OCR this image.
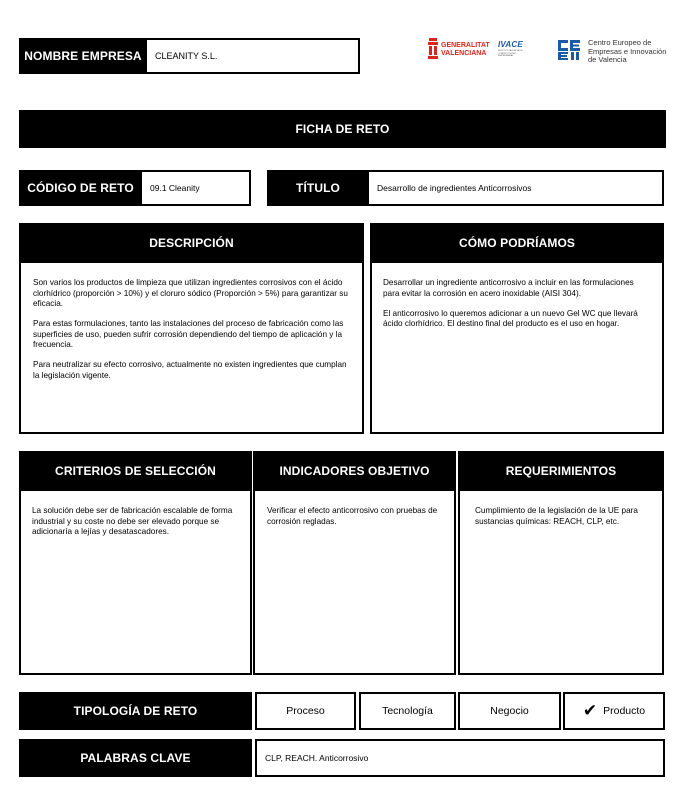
NOMBRE EMPRESA	CLEANITY S.L.
GENERALITAT
VALENCIANA
IVACE
INSTITUT VALENCIÀ DE COMPETITIVITAT EMPRESARIAL
Centro Europeo de
Empresas e Innovación
de Valencia
FICHA DE RETO
CÓDIGO DE RETO	09.1 Cleanity	TÍTULO	Desarrollo de ingredientes Anticorrosivos
DESCRIPCIÓN

Son varios los productos de limpieza que utilizan ingredientes corrosivos con el ácido clorhídrico (proporción > 10%) y el cloruro sódico (Proporción > 5%) para garantizar su eficacia.

Para estas formulaciones, tanto las instalaciones del proceso de fabricación como las superficies de uso, pueden sufrir corrosión dependiendo del tiempo de aplicación y la frecuencia.

Para neutralizar su efecto corrosivo, actualmente no existen ingredientes que cumplan la legislación vigente.

CÓMO PODRÍAMOS

Desarrollar un ingrediente anticorrosivo a incluir en las formulaciones para evitar la corrosión en acero inoxidable (AISI 304).

El anticorrosivo lo queremos adicionar a un nuevo Gel WC que llevará ácido clorhídrico. El destino final del producto es el uso en hogar.

CRITERIOS DE SELECCIÓN

La solución debe ser de fabricación escalable de forma industrial y su coste no debe ser elevado porque se adicionaría a lejías y desatascadores.

INDICADORES OBJETIVO

Verificar el efecto anticorrosivo con pruebas de corrosión regladas.

REQUERIMIENTOS

Cumplimiento de la legislación de la UE para sustancias químicas: REACH, CLP, etc.

TIPOLOGÍA DE RETO	Proceso	Tecnología	Negocio	✔ Producto
PALABRAS CLAVE	CLP, REACH. Anticorrosivo
